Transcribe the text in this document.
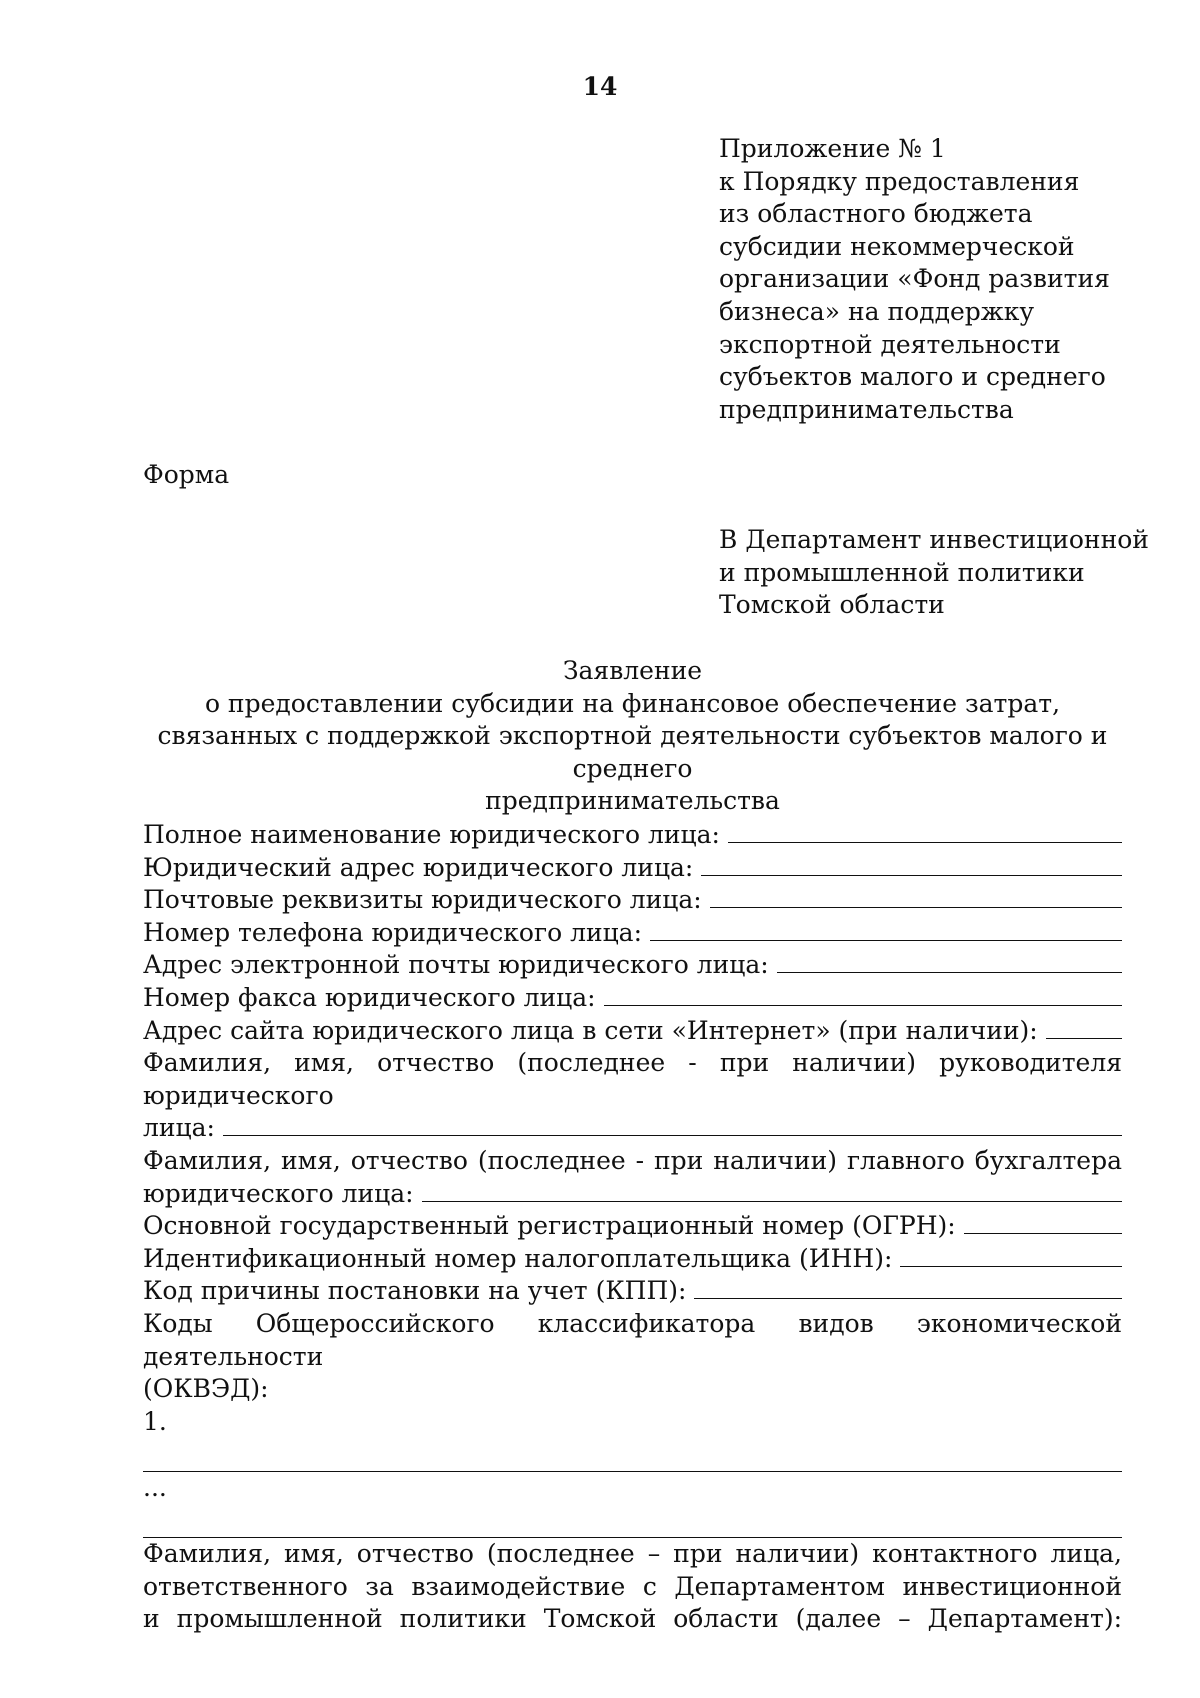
14
Приложение № 1
к Порядку предоставления
из областного бюджета
субсидии некоммерческой
организации «Фонд развития
бизнеса» на поддержку
экспортной деятельности
субъектов малого и среднего
предпринимательства
Форма
В Департамент инвестиционной
и промышленной политики
Томской области
Заявление
о предоставлении субсидии на финансовое обеспечение затрат,
связанных с поддержкой экспортной деятельности субъектов малого и среднего
предпринимательства
Полное наименование юридического лица:
Юридический адрес юридического лица:
Почтовые реквизиты юридического лица:
Номер телефона юридического лица:
Адрес электронной почты юридического лица:
Номер факса юридического лица:
Адрес сайта юридического лица в сети «Интернет» (при наличии):
Фамилия, имя, отчество (последнее - при наличии) руководителя юридического
лица:
Фамилия, имя, отчество (последнее - при наличии) главного бухгалтера
юридического лица:
Основной государственный регистрационный номер (ОГРН):
Идентификационный номер налогоплательщика (ИНН):
Код причины постановки на учет (КПП):
Коды Общероссийского классификатора видов экономической деятельности
(ОКВЭД):
1.
...
Фамилия, имя, отчество (последнее – при наличии) контактного лица,
ответственного за взаимодействие с Департаментом инвестиционной
и промышленной политики Томской области (далее – Департамент):
